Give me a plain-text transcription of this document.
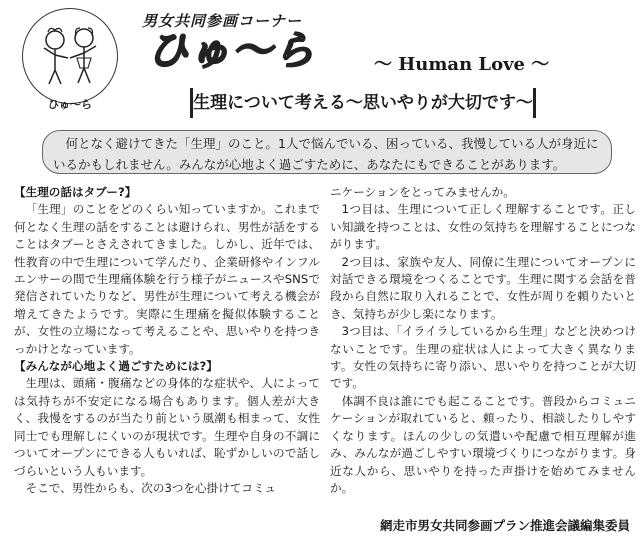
ひゅ〜ら
男女共同参画コーナー
ひゅ〜ら	〜 Human Love 〜
生理について考える〜思いやりが大切です〜
何となく避けてきた「生理」のこと。1人で悩んでいる、困っている、我慢している人が身近にいるかもしれません。みんなが心地よく過ごすために、あなたにもできることがあります。
【生理の話はタブー?】

「生理」のことをどのくらい知っていますか。これまで何となく生理の話をすることは避けられ、男性が話をすることはタブーとさえされてきました。しかし、近年では、性教育の中で生理について学んだり、企業研修やインフルエンサーの間で生理痛体験を行う様子がニュースやSNSで発信されていたりなど、男性が生理について考える機会が増えてきたようです。実際に生理痛を擬似体験することが、女性の立場になって考えることや、思いやりを持つきっかけとなっています。

【みんなが心地よく過ごすためには?】

生理は、頭痛・腹痛などの身体的な症状や、人によっては気持ちが不安定になる場合もあります。個人差が大きく、我慢をするのが当たり前という風潮も相まって、女性同士でも理解しにくいのが現状です。生理や自身の不調についてオープンにできる人もいれば、恥ずかしいので話しづらいという人もいます。

そこで、男性からも、次の3つを心掛けてコミュ

ニケーションをとってみませんか。

1つ目は、生理について正しく理解することです。正しい知識を持つことは、女性の気持ちを理解することにつながります。

2つ目は、家族や友人、同僚に生理についてオープンに対話できる環境をつくることです。生理に関する会話を普段から自然に取り入れることで、女性が周りを頼りたいとき、気持ちが少し楽になります。

3つ目は、「イライラしているから生理」などと決めつけないことです。生理の症状は人によって大きく異なります。女性の気持ちに寄り添い、思いやりを持つことが大切です。

体調不良は誰にでも起こることです。普段からコミュニケーションが取れていると、頼ったり、相談したりしやすくなります。ほんの少しの気遣いや配慮で相互理解が進み、みんなが過ごしやすい環境づくりにつながります。身近な人から、思いやりを持った声掛けを始めてみませんか。

網走市男女共同参画プラン推進会議編集委員
